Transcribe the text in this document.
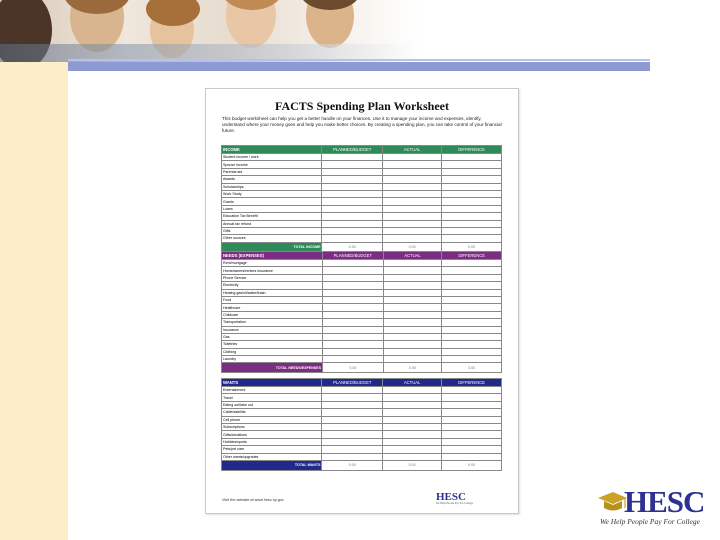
FACTS Spending Plan Worksheet
This budget worksheet can help you get a better handle on your finances. Use it to manage your income and expenses, identify, understand where your money goes and help you make better choices. By creating a spending plan, you can take control of your financial future.
INCOME	PLANNED/BUDGET	ACTUAL	DIFFERENCE
Student income / work			
Spouse income			
Parental aid			
Awards			
Scholarships			
Work Study			
Grants			
Loans			
Education Tax Benefit			
Annual tax refund			
Gifts			
Other sources			
TOTAL INCOME	0.00	0.00	0.00
NEEDS (EXPENSES)	PLANNED/BUDGET	ACTUAL	DIFFERENCE
Rent/mortgage			
Homeowners/renters insurance			
Phone Service			
Electricity			
Heating gas/oil/water/trash			
Food			
Healthcare			
Childcare			
Transportation			
Insurance			
Gas			
Toiletries			
Clothing			
Laundry			
TOTAL NEEDS/EXPENSES	0.00	0.00	0.00
WANTS	PLANNED/BUDGET	ACTUAL	DIFFERENCE
Entertainment			
Travel			
Eating out/take out			
Cable/satellite			
Cell phone			
Subscriptions			
Gifts/donations			
Hobbies/sports			
Pets/pet care			
Other wants/upgrades			
TOTAL WANTS	0.00	0.00	0.00
Visit the website at www.hesc.ny.gov	HESC
We Help People Pay For College	HESC
We Help People Pay For College
